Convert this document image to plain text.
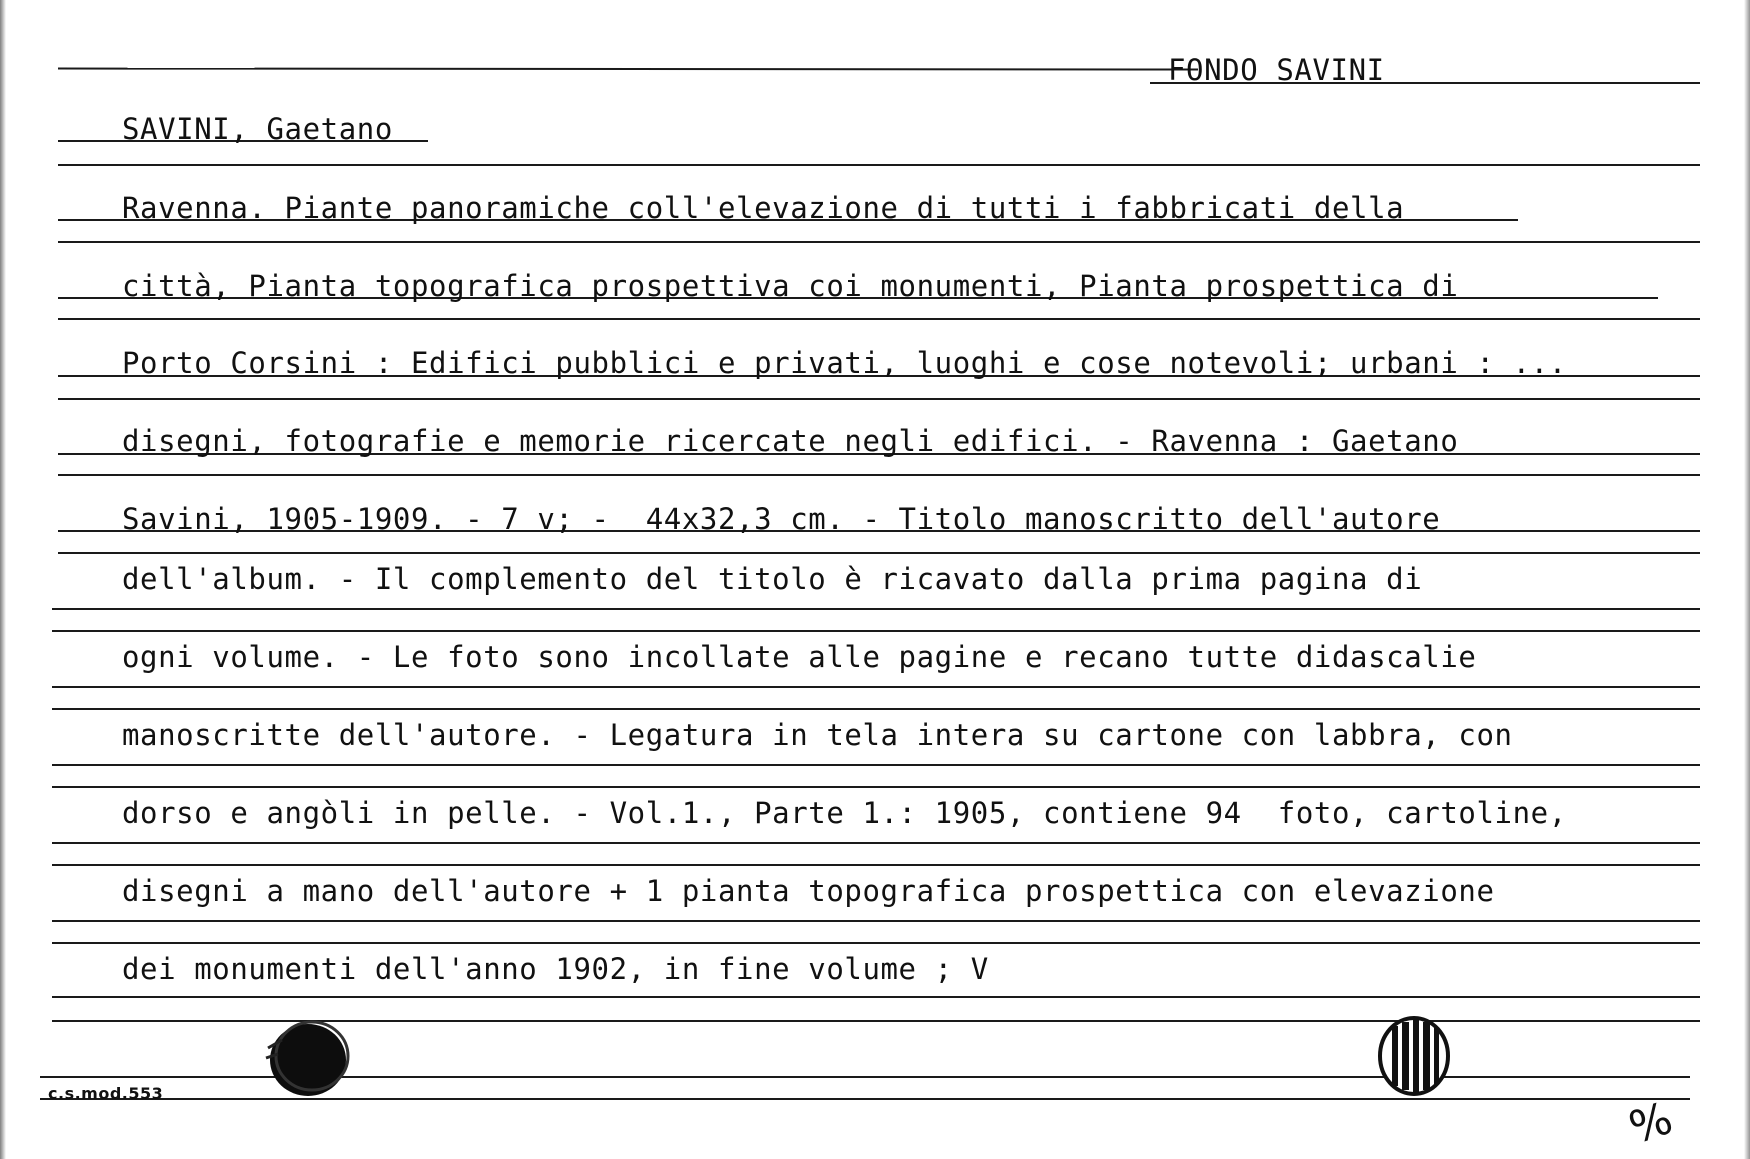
FONDO SAVINI
SAVINI, Gaetano
Ravenna. Piante panoramiche coll'elevazione di tutti i fabbricati della
città, Pianta topografica prospettiva coi monumenti, Pianta prospettica di
Porto Corsini : Edifici pubblici e privati, luoghi e cose notevoli; urbani : ...
disegni, fotografie e memorie ricercate negli edifici. - Ravenna : Gaetano
Savini, 1905-1909. - 7 v; -  44x32,3 cm. - Titolo manoscritto dell'autore
dell'album. - Il complemento del titolo è ricavato dalla prima pagina di
ogni volume. - Le foto sono incollate alle pagine e recano tutte didascalie
manoscritte dell'autore. - Legatura in tela intera su cartone con labbra, con
dorso e angòli in pelle. - Vol.1., Parte 1.: 1905, contiene 94  foto, cartoline,
disegni a mano dell'autore + 1 pianta topografica prospettica con elevazione
dei monumenti dell'anno 1902, in fine volume ; V
c.s.mod.553	%
